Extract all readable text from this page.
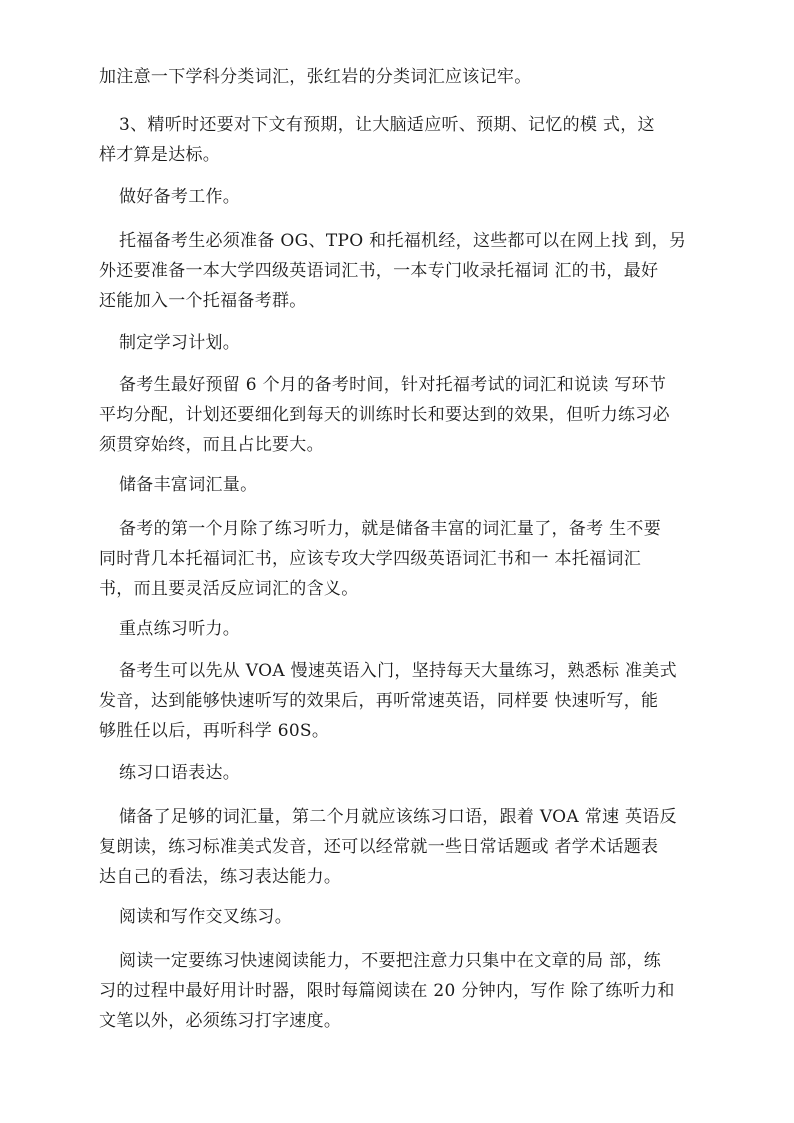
加注意一下学科分类词汇，张红岩的分类词汇应该记牢。
3、精听时还要对下文有预期，让大脑适应听、预期、记忆的模 式，这
样才算是达标。
做好备考工作。
托福备考生必须准备 OG、TPO 和托福机经，这些都可以在网上找 到，另
外还要准备一本大学四级英语词汇书，一本专门收录托福词 汇的书，最好
还能加入一个托福备考群。
制定学习计划。
备考生最好预留 6 个月的备考时间，针对托福考试的词汇和说读 写环节
平均分配，计划还要细化到每天的训练时长和要达到的效果，但听力练习必
须贯穿始终，而且占比要大。
储备丰富词汇量。
备考的第一个月除了练习听力，就是储备丰富的词汇量了，备考 生不要
同时背几本托福词汇书，应该专攻大学四级英语词汇书和一 本托福词汇
书，而且要灵活反应词汇的含义。
重点练习听力。
备考生可以先从 VOA 慢速英语入门，坚持每天大量练习，熟悉标 准美式
发音，达到能够快速听写的效果后，再听常速英语，同样要 快速听写，能
够胜任以后，再听科学 60S。
练习口语表达。
储备了足够的词汇量，第二个月就应该练习口语，跟着 VOA 常速 英语反
复朗读，练习标准美式发音，还可以经常就一些日常话题或 者学术话题表
达自己的看法，练习表达能力。
阅读和写作交叉练习。
阅读一定要练习快速阅读能力，不要把注意力只集中在文章的局 部，练
习的过程中最好用计时器，限时每篇阅读在 20 分钟内，写作 除了练听力和
文笔以外，必须练习打字速度。
